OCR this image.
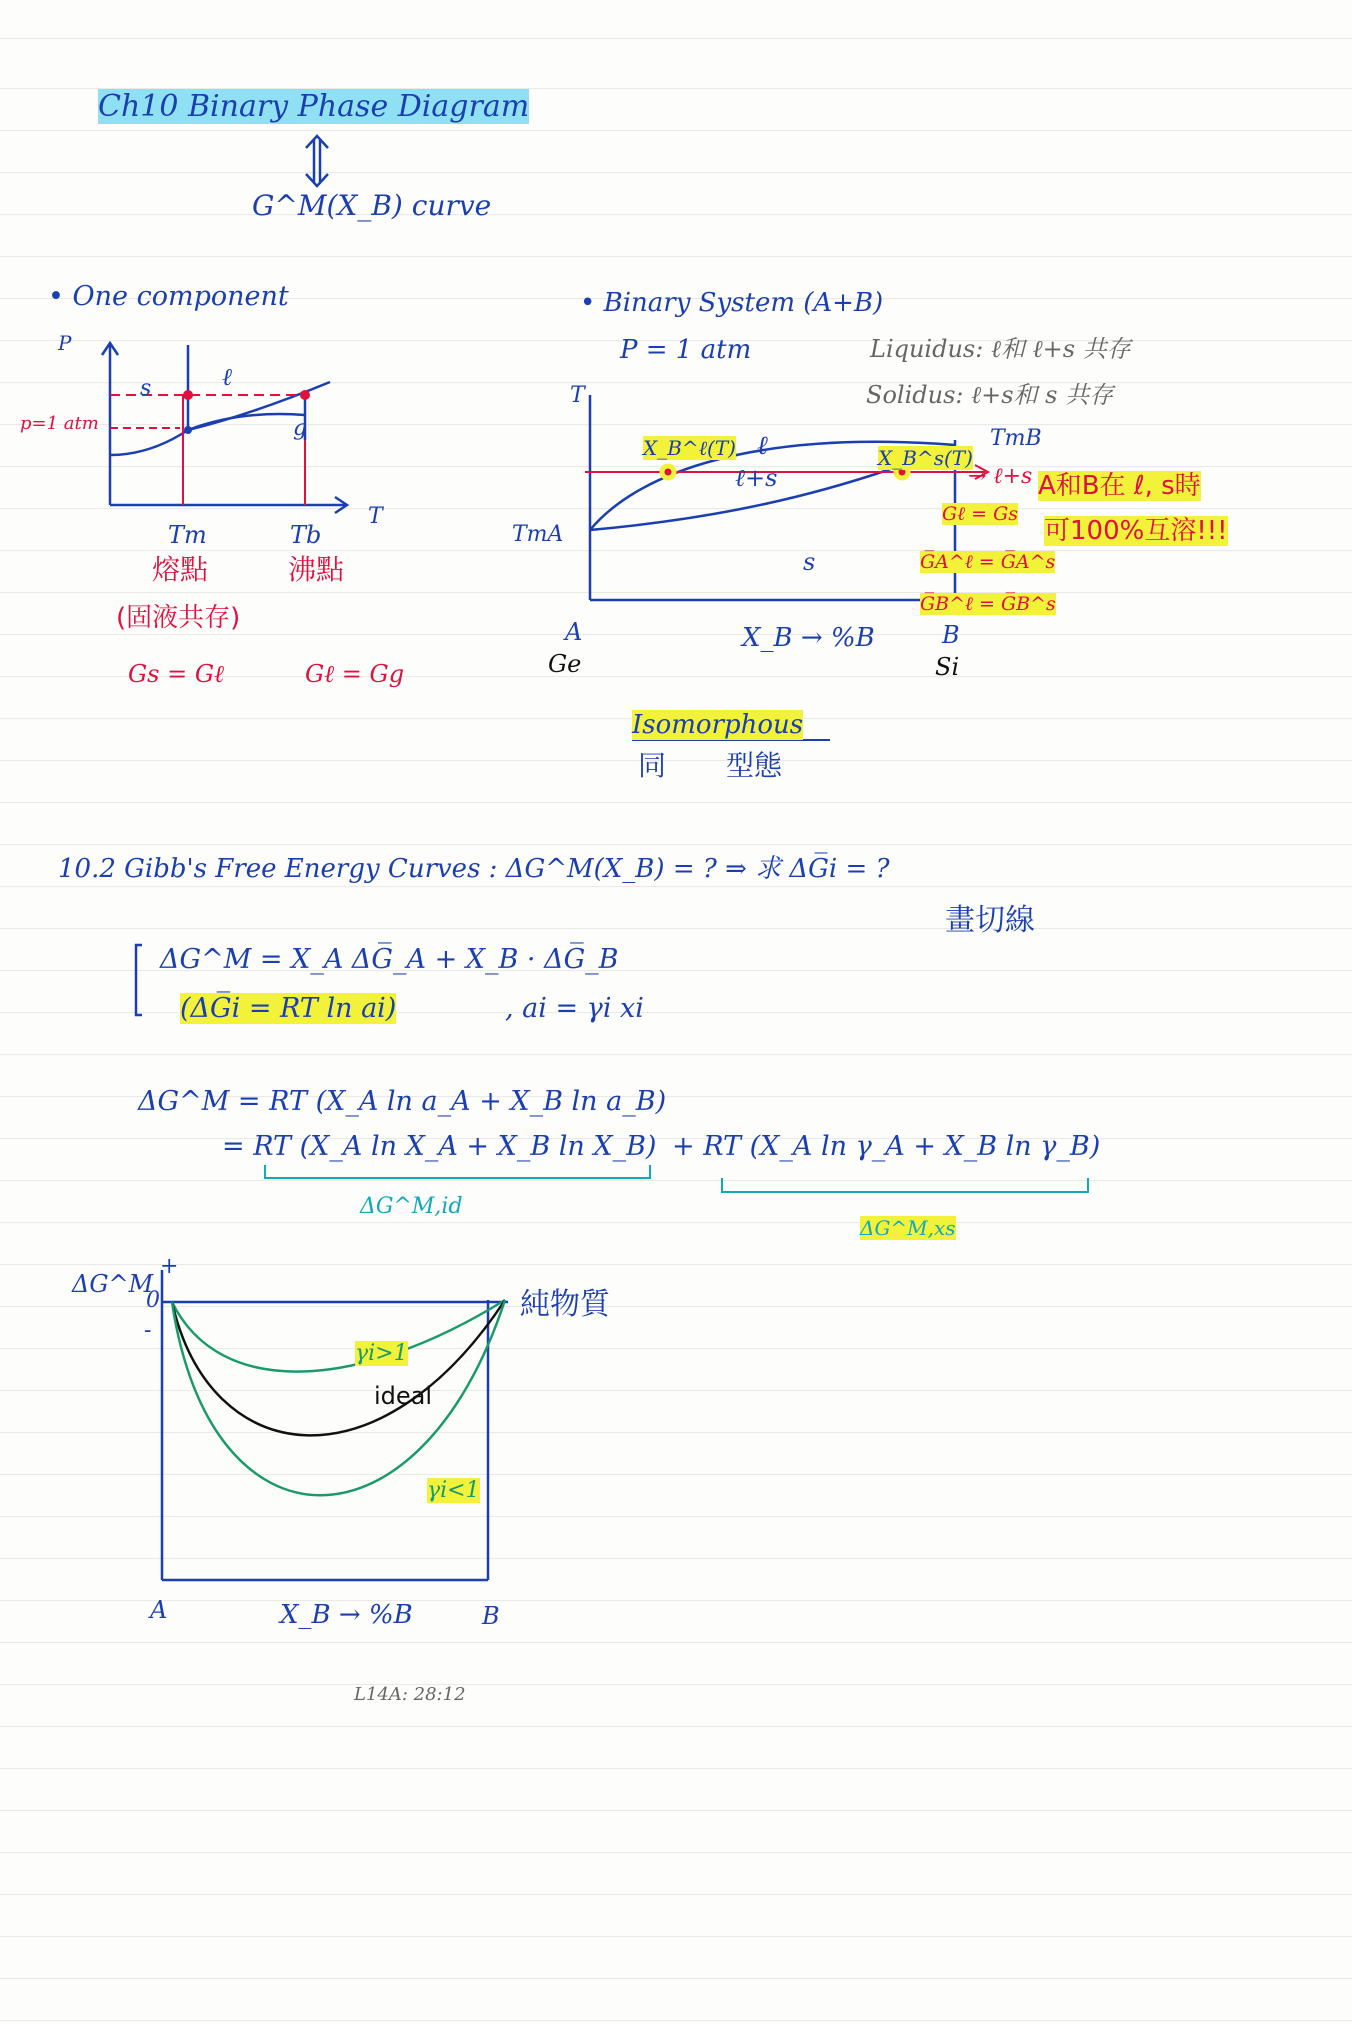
Ch10 Binary Phase Diagram
G^M(X_B) curve
• One component
P
T
s	ℓ
g
p=1 atm
Tm	Tb
熔點	沸點
(固液共存)
Gs = Gℓ	Gℓ = Gg
• Binary System (A+B)
P = 1 atm	Liquidus: ℓ和 ℓ+s 共存
Solidus: ℓ+s和 s 共存
T
ℓ
ℓ+s
s
X_B^ℓ(T)	X_B^s(T)
TmA
TmB
→ ℓ+s A和B在 ℓ, s時
可100%互溶!!!
Gℓ = Gs
G̅A^ℓ = G̅A^s
G̅B^ℓ = G̅B^s
A
Ge
X_B → %B	B
Si
Isomorphous
同 型態
10.2 Gibb's Free Energy Curves : ΔG^M(X_B) = ? ⇒ 求 ΔG̅i = ?
畫切線
ΔG^M = X_A ΔG̅_A + X_B · ΔG̅_B
(ΔG̅i = RT ln ai)	, ai = γi xi
ΔG^M = RT (X_A ln a_A + X_B ln a_B)
= RT (X_A ln X_A + X_B ln X_B) + RT (X_A ln γ_A + X_B ln γ_B)
ΔG^M,id
ΔG^M,xs
ΔG^M
+
0
-
純物質
γi>1
ideal
γi<1
A	X_B → %B	B
L14A: 28:12
